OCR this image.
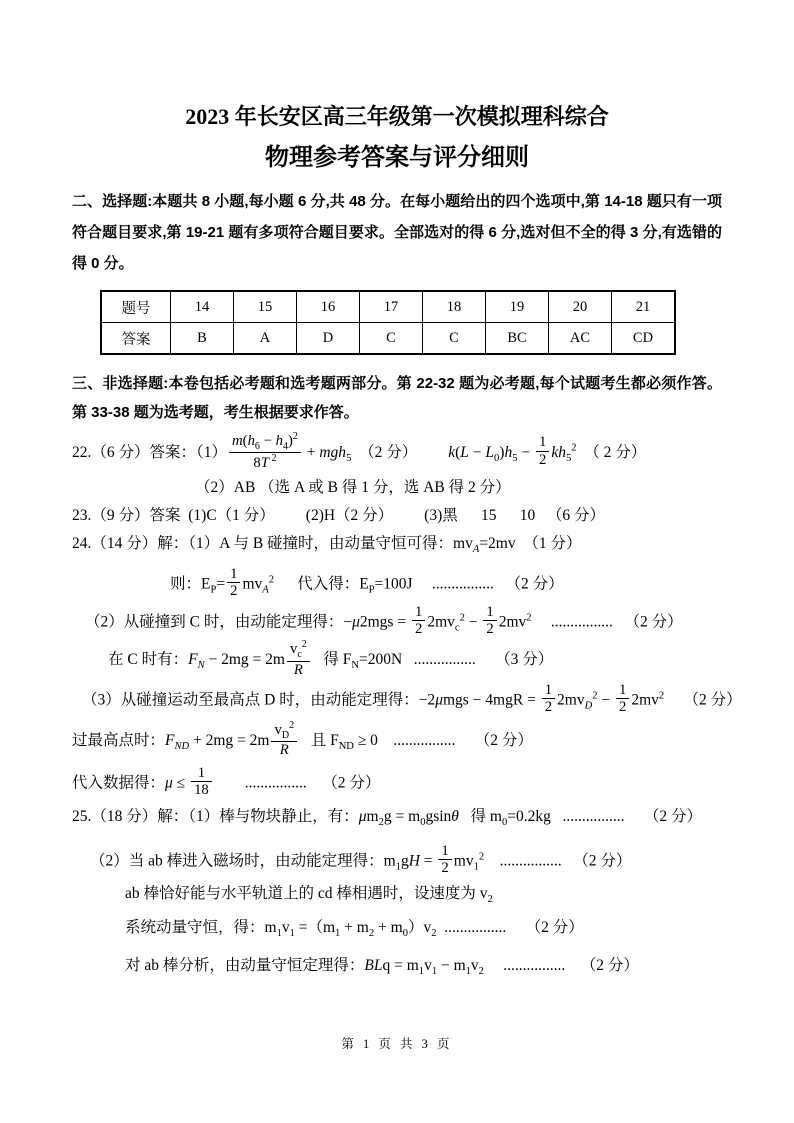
2023 年长安区高三年级第一次模拟理科综合
物理参考答案与评分细则
二、选择题:本题共 8 小题,每小题 6 分,共 48 分。在每小题给出的四个选项中,第 14-18 题只有一项符合题目要求,第 19-21 题有多项符合题目要求。全部选对的得 6 分,选对但不全的得 3 分,有选错的得 0 分。
题号	14	15	16	17	18	19	20	21
答案	B	A	D	C	C	BC	AC	CD
三、非选择题:本卷包括必考题和选考题两部分。第 22-32 题为必考题,每个试题考生都必须作答。第 33-38 题为选考题，考生根据要求作答。
22.（6 分）答案：$(1) \frac{m(h_6 - h_4)^2}{8T ^2} + mgh_5$  （2 分）        $k(L - L_0)h_5 - \frac{1}{2} kh_5^2$  （ 2 分）
（2）AB （选 A 或 B 得 1 分，选 AB 得 2 分）
23.（9 分）答案  (1)C（1 分）        (2)H（2 分）        (3)黑      15      10   （6 分）
24.（14 分）解：（1）A 与 B 碰撞时，由动量守恒可得：$mv_A=2mv$  （1 分）
则：$E_P= \frac{1}{2} mv_A^2$      代入得：$E_P=100J$     ................   （2 分）
（2）从碰撞到 C 时，由动能定理得：$-\mu 2mgs = \frac{1}{2} 2mv_c^2 - \frac{1}{2} 2mv^2$     ................   （2 分）
在 C 时有：$F_N - 2mg = 2m \frac{v_c^2}{R}$ 得 $F_N=200N$   ................     （3 分）
（3）从碰撞运动至最高点 D 时，由动能定理得：$-2\mu mgs - 4mgR = \frac{1}{2} 2mv_D^2 - \frac{1}{2} 2mv^2$     （2 分）
过最高点时：$F_{ND} + 2mg = 2m \frac{v_D^2}{R}$ 且 $F_{ND} \ge 0$    ................     （2 分）
代入数据得：$\mu \le \frac{1}{18}$ ................    （2 分）
25.（18 分）解：（1）棒与物块静止，有：$\mu m_2g = m_0gsin\theta$   得 $m_0=0.2kg$   ................     （2 分）
（2）当 ab 棒进入磁场时，由动能定理得：$m_1gH = \frac{1}{2} mv_1^2$    ................   （2 分）
ab 棒恰好能与水平轨道上的 cd 棒相遇时，设速度为 $v_2$
系统动量守恒，得：$m_1v_1 =(m_1 + m_2 + m_0)v_2$  ................     （2 分）
对 ab 棒分析，由动量守恒定理得：BLq = $m_1v_1 - m_1v_2$     ................    （2 分）
第 1 页 共 3 页
